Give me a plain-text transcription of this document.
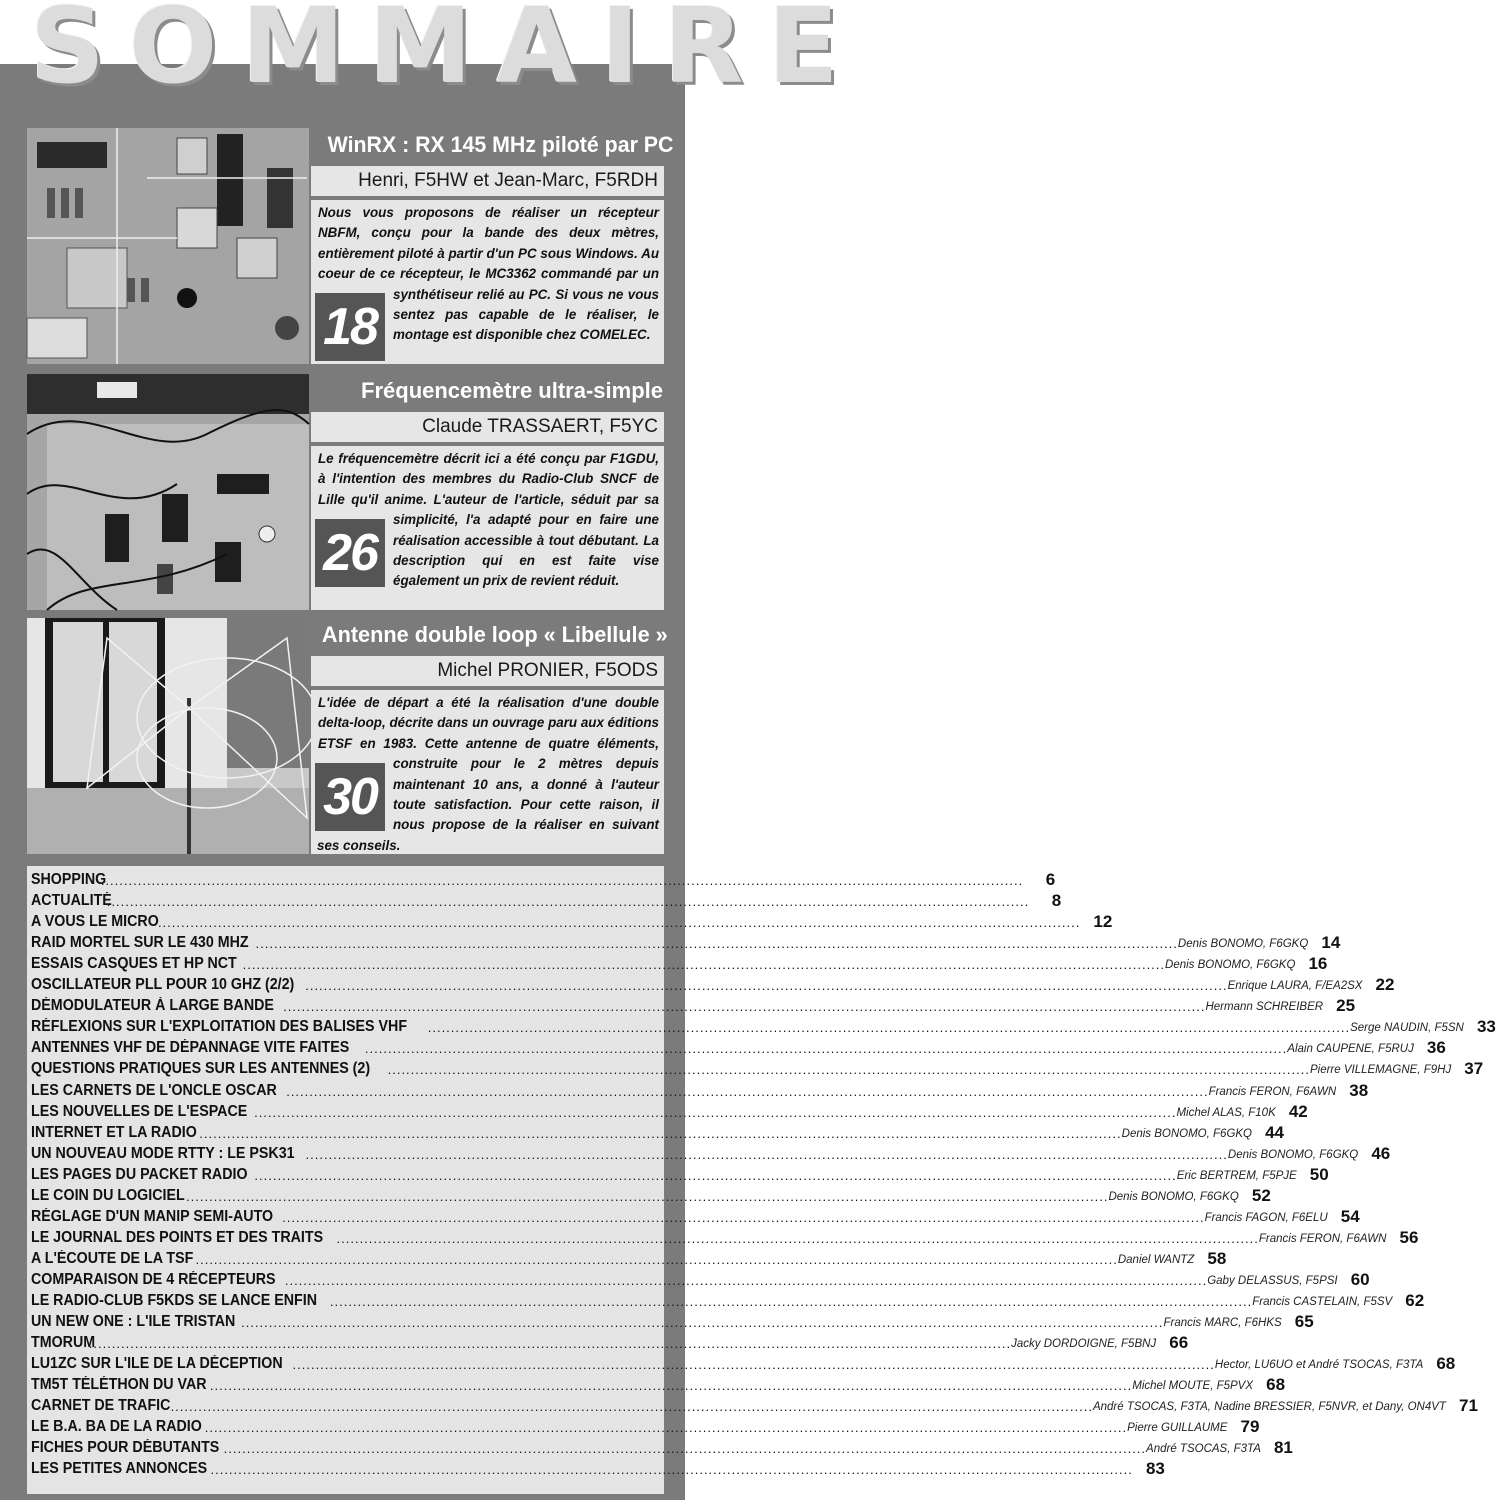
SOMMAIRE
WinRX : RX 145 MHz piloté par PC
Henri, F5HW et Jean-Marc, F5RDH
18
Nous vous proposons de réaliser un récepteur NBFM, conçu pour la bande des deux mètres, entièrement piloté à partir d'un PC sous Windows. Au coeur de ce récepteur, le MC3362 commandé par un synthétiseur relié au PC. Si vous ne vous sentez pas capable de le réaliser, le montage est disponible chez COMELEC.
Fréquencemètre ultra-simple
Claude TRASSAERT, F5YC
26
Le fréquencemètre décrit ici a été conçu par F1GDU, à l'intention des membres du Radio-Club SNCF de Lille qu'il anime. L'auteur de l'article, séduit par sa simplicité, l'a adapté pour en faire une réalisation accessible à tout débutant. La description qui en est faite vise également un prix de revient réduit.
Antenne double loop « Libellule »
Michel PRONIER, F5ODS
30
L'idée de départ a été la réalisation d'une double delta-loop, décrite dans un ouvrage paru aux éditions ETSF en 1983. Cette antenne de quatre éléments, construite pour le 2 mètres depuis maintenant 10 ans, a donné à l'auteur toute satisfaction. Pour cette raison, il nous propose de la réaliser en suivant ses conseils.
SHOPPING
........................................................................................................................................................................................................	6
ACTUALITÉ
........................................................................................................................................................................................................	8
A VOUS LE MICRO ........................................................................................................................................................................................................ 12
RAID MORTEL SUR LE 430 MHZ ........................................................................................................................................................................................................ Denis BONOMO, F6GKQ 14
ESSAIS CASQUES ET HP NCT ........................................................................................................................................................................................................ Denis BONOMO, F6GKQ 16
OSCILLATEUR PLL POUR 10 GHZ (2/2) ........................................................................................................................................................................................................ Enrique LAURA, F/EA2SX 22
DÉMODULATEUR À LARGE BANDE ........................................................................................................................................................................................................ Hermann SCHREIBER 25
RÉFLEXIONS SUR L'EXPLOITATION DES BALISES VHF ........................................................................................................................................................................................................ Serge NAUDIN, F5SN 33
ANTENNES VHF DE DÉPANNAGE VITE FAITES ........................................................................................................................................................................................................ Alain CAUPENE, F5RUJ 36
QUESTIONS PRATIQUES SUR LES ANTENNES (2) ........................................................................................................................................................................................................ Pierre VILLEMAGNE, F9HJ 37
LES CARNETS DE L'ONCLE OSCAR ........................................................................................................................................................................................................ Francis FERON, F6AWN 38
LES NOUVELLES DE L'ESPACE ........................................................................................................................................................................................................ Michel ALAS, F10K 42
INTERNET ET LA RADIO ........................................................................................................................................................................................................ Denis BONOMO, F6GKQ 44
UN NOUVEAU MODE RTTY : LE PSK31 ........................................................................................................................................................................................................ Denis BONOMO, F6GKQ 46
LES PAGES DU PACKET RADIO ........................................................................................................................................................................................................ Eric BERTREM, F5PJE 50
LE COIN DU LOGICIEL ........................................................................................................................................................................................................ Denis BONOMO, F6GKQ 52
RÉGLAGE D'UN MANIP SEMI-AUTO ........................................................................................................................................................................................................ Francis FAGON, F6ELU 54
LE JOURNAL DES POINTS ET DES TRAITS ........................................................................................................................................................................................................ Francis FERON, F6AWN 56
A L'ÉCOUTE DE LA TSF ........................................................................................................................................................................................................ Daniel WANTZ 58
COMPARAISON DE 4 RÉCEPTEURS ........................................................................................................................................................................................................ Gaby DELASSUS, F5PSI 60
LE RADIO-CLUB F5KDS SE LANCE ENFIN ........................................................................................................................................................................................................ Francis CASTELAIN, F5SV 62
UN NEW ONE : L'ILE TRISTAN ........................................................................................................................................................................................................ Francis MARC, F6HKS 65
TMORUM
........................................................................................................................................................................................................ Jacky DORDOIGNE, F5BNJ 66
LU1ZC SUR L'ILE DE LA DÉCEPTION ........................................................................................................................................................................................................ Hector, LU6UO et André TSOCAS, F3TA 68
TM5T TÉLÉTHON DU VAR ........................................................................................................................................................................................................ Michel MOUTE, F5PVX 68
CARNET DE TRAFIC ........................................................................................................................................................................................................ André TSOCAS, F3TA, Nadine BRESSIER, F5NVR, et Dany, ON4VT 71
LE B.A. BA DE LA RADIO ........................................................................................................................................................................................................ Pierre GUILLAUME 79
FICHES POUR DÉBUTANTS ........................................................................................................................................................................................................ André TSOCAS, F3TA 81
LES PETITES ANNONCES ........................................................................................................................................................................................................ 83
